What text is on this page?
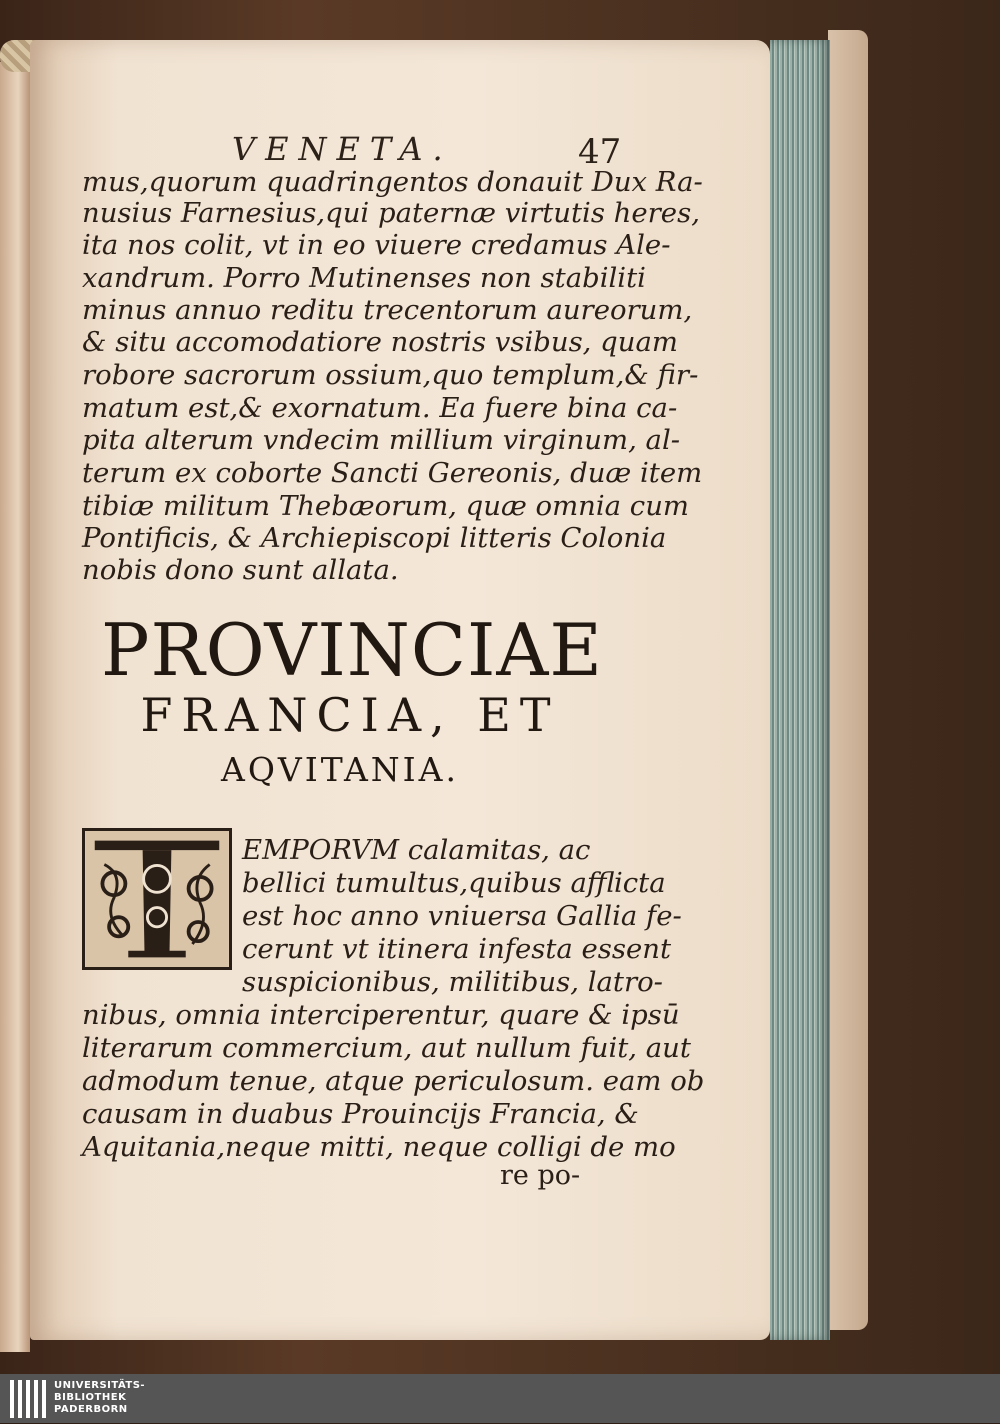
VENETA.	47
mus,quorum quadringentos donauit Dux Ra-
nusius Farnesius,qui paternæ virtutis heres,
ita nos colit, vt in eo viuere credamus Ale-
xandrum. Porro Mutinenses non stabiliti
minus annuo reditu trecentorum aureorum,
& situ accomodatiore nostris vsibus, quam
robore sacrorum ossium,quo templum,& fir-
matum est,& exornatum. Ea fuere bina ca-
pita alterum vndecim millium virginum, al-
terum ex coborte Sancti Gereonis, duæ item
tibiæ militum Thebæorum, quæ omnia cum
Pontificis, & Archiepiscopi litteris Colonia
nobis dono sunt allata.
PROVINCIAE
FRANCIA, ET
AQVITANIA.
EMPORVM calamitas, ac
bellici tumultus,quibus afflicta
est hoc anno vniuersa Gallia fe-
cerunt vt itinera infesta essent
suspicionibus, militibus, latro-
nibus, omnia interciperentur, quare & ipsū
literarum commercium, aut nullum fuit, aut
admodum tenue, atque periculosum. eam ob
causam in duabus Prouincijs Francia, &
Aquitania,neque mitti, neque colligi de mo
re po-
UNIVERSITÄTS-
BIBLIOTHEK
PADERBORN
